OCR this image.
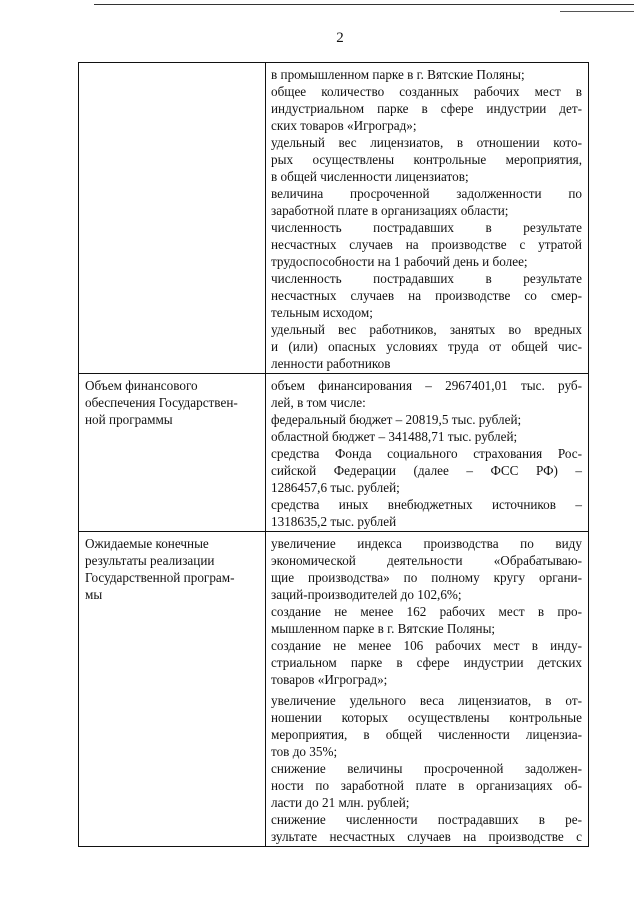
2
в промышленном парке в г. Вятские Поляны;
общее количество созданных рабочих мест в
индустриальном парке в сфере индустрии дет-
ских товаров «Игроград»;
удельный вес лицензиатов, в отношении кото-
рых осуществлены контрольные мероприятия,
в общей численности лицензиатов;
величина просроченной задолженности по
заработной плате в организациях области;
численность пострадавших в результате
несчастных случаев на производстве с утратой
трудоспособности на 1 рабочий день и более;
численность пострадавших в результате
несчастных случаев на производстве со смер-
тельным исходом;
удельный вес работников, занятых во вредных
и (или) опасных условиях труда от общей чис-
ленности работников
Объем финансового
обеспечения Государствен-
ной программы
объем финансирования – 2967401,01 тыс. руб-
лей, в том числе:
федеральный бюджет – 20819,5 тыс. рублей;
областной бюджет – 341488,71 тыс. рублей;
средства Фонда социального страхования Рос-
сийской Федерации (далее – ФСС РФ) –
1286457,6 тыс. рублей;
средства иных внебюджетных источников –
1318635,2 тыс. рублей
Ожидаемые конечные
результаты реализации
Государственной програм-
мы
увеличение индекса производства по виду
экономической деятельности «Обрабатываю-
щие производства» по полному кругу органи-
заций-производителей до 102,6%;
создание не менее 162 рабочих мест в про-
мышленном парке в г. Вятские Поляны;
создание не менее 106 рабочих мест в инду-
стриальном парке в сфере индустрии детских
товаров «Игроград»;
увеличение удельного веса лицензиатов, в от-
ношении которых осуществлены контрольные
мероприятия, в общей численности лицензиа-
тов до 35%;
снижение величины просроченной задолжен-
ности по заработной плате в организациях об-
ласти до 21 млн. рублей;
снижение численности пострадавших в ре-
зультате несчастных случаев на производстве с
